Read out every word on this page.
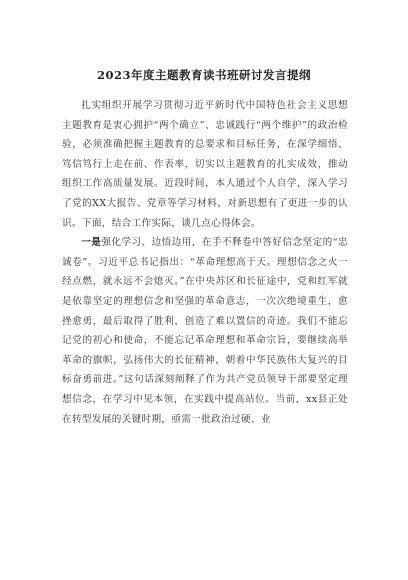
2023年度主题教育读书班研讨发言提纲

扎实组织开展学习贯彻习近平新时代中国特色社会主义思想主题教育是衷心拥护“两个确立”、忠诚践行“两个维护”的政治检验，必须准确把握主题教育的总要求和目标任务，在深学细悟、笃信笃行上走在前、作表率，切实以主题教育的扎实成效，推动组织工作高质量发展。近段时间，本人通过个人自学，深入学习了党的XX大报告、党章等学习材料，对新思想有了更进一步的认识。下面，结合工作实际，谈几点心得体会。

一是强化学习、边悟边用，在手不释卷中答好信念坚定的“忠诚卷”。习近平总书记指出：“革命理想高于天。理想信念之火一经点燃，就永远不会熄灭。”在中央苏区和长征途中，党和红军就是依靠坚定的理想信念和坚强的革命意志，一次次绝境重生，愈挫愈勇，最后取得了胜利，创造了难以置信的奇迹。我们不能忘记党的初心和使命，不能忘记革命理想和革命宗旨，要继续高举革命的旗帜，弘扬伟大的长征精神，朝着中华民族伟大复兴的目标奋勇前进。”这句话深刻阐释了作为共产党员领导干部要坚定理想信念，在学习中见本领，在实践中提高站位。当前，xx县正处在转型发展的关键时期，亟需一批政治过硬、业
